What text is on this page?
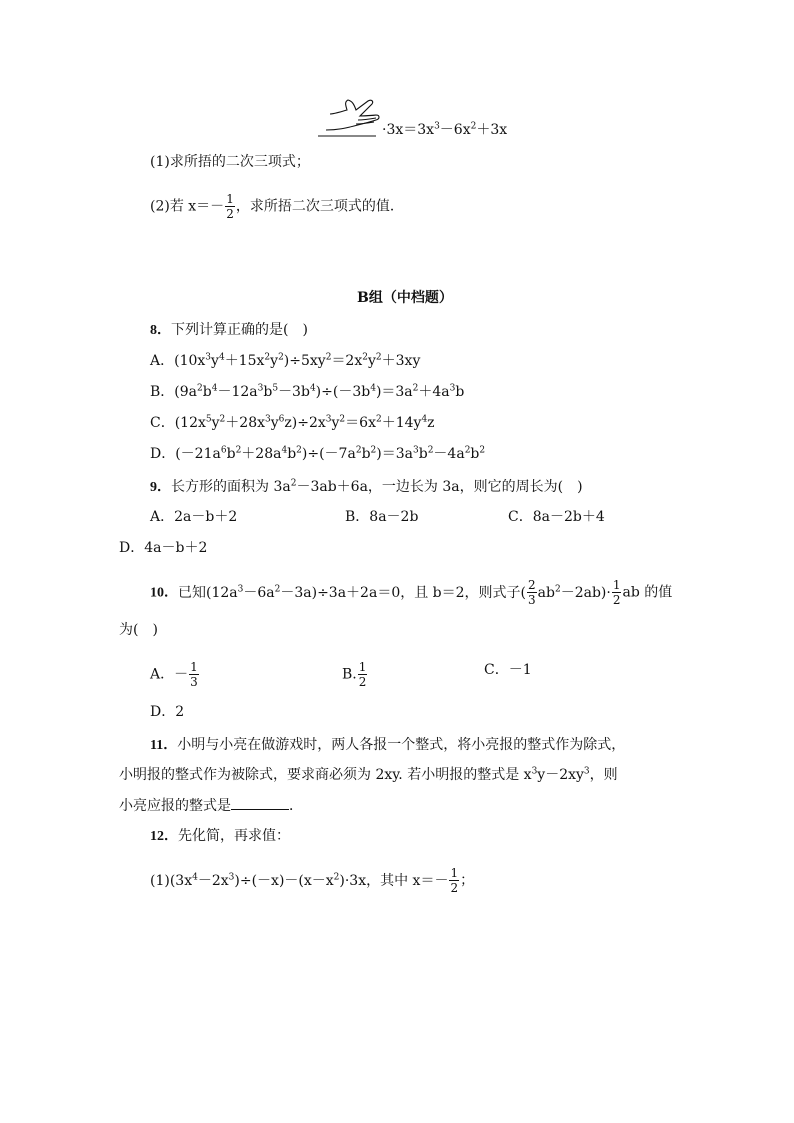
$\cdot 3x=3x^3-6x^2+3x$
(1)求所捂的二次三项式；
(2)若 $x=- \frac{1}{2}$ ，求所捂二次三项式的值．
B组（中档题）
8．下列计算正确的是(　)
A．$(10x^3y^4+15x^2y^2)\div 5xy^2=2x^2y^2+3xy$
B．$(9a^2b^4-12a^3b^5-3b^4)\div(-3b^4)=3a^2+4a^3b$
C．$(12x^5y^2+28x^3y^6z)\div 2x^3y^2=6x^2+14y^4z$
D．$(-21a^6b^2+28a^4b^2)\div(-7a^2b^2)=3a^3b^2-4a^2b^2$
9．长方形的面积为 $3a^2-3ab+6a$，一边长为 3a，则它的周长为(　)
A．2a－b＋2	B．8a－2b	C．8a－2b＋4
D．4a－b＋2
10．已知$(12a^3-6a^2-3a)\div 3a+2a=0$，且 b＝2，则式子( $\frac{2}{3} ab^2-2ab)\cdot \frac{1}{2}$ ab 的值
为(　)
A．－ $\frac{1}{3}$	B. $\frac{1}{2}$	C．－1
D．2
11．小明与小亮在做游戏时，两人各报一个整式，将小亮报的整式作为除式，
小明报的整式作为被除式，要求商必须为 2xy. 若小明报的整式是 $x^3y-2xy^3$，则
小亮应报的整式是	．
12．先化简，再求值：
$(1)(3x^4-2x^3)\div(-x)-(x-x^2)\cdot 3x$，其中 $x=- \frac{1}{2}$ ；
